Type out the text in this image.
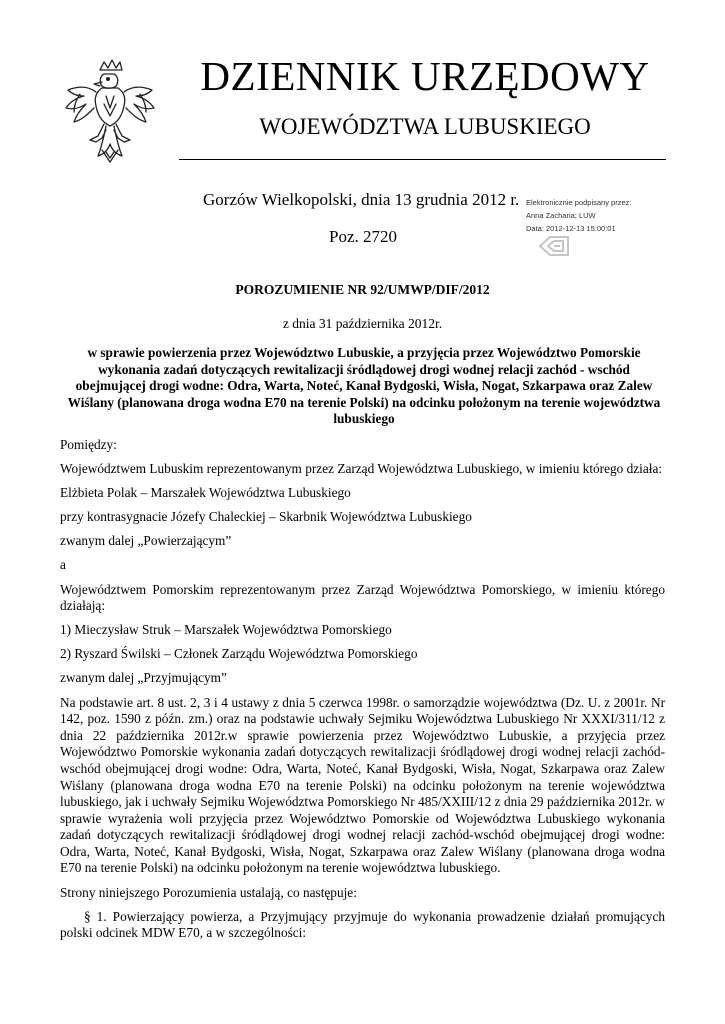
DZIENNIK URZĘDOWY
WOJEWÓDZTWA LUBUSKIEGO
Gorzów Wielkopolski, dnia 13 grudnia 2012 r.
Poz. 2720
Elektronicznie podpisany przez:
Anna Zacharia; LUW
Data: 2012-12-13 15:00:01
POROZUMIENIE NR 92/UMWP/DIF/2012
z dnia 31 października 2012r.
w sprawie powierzenia przez Województwo Lubuskie, a przyjęcia przez Województwo Pomorskie wykonania zadań dotyczących rewitalizacji śródlądowej drogi wodnej relacji zachód - wschód obejmującej drogi wodne: Odra, Warta, Noteć, Kanał Bydgoski, Wisła, Nogat, Szkarpawa oraz Zalew Wiślany (planowana droga wodna E70 na terenie Polski) na odcinku położonym na terenie województwa lubuskiego

Pomiędzy:

Województwem Lubuskim reprezentowanym przez Zarząd Województwa Lubuskiego, w imieniu którego działa:

Elżbieta Polak – Marszałek Województwa Lubuskiego

przy kontrasygnacie Józefy Chaleckiej – Skarbnik Województwa Lubuskiego

zwanym dalej „Powierzającym”

a

Województwem Pomorskim reprezentowanym przez Zarząd Województwa Pomorskiego, w imieniu którego działają:

1) Mieczysław Struk – Marszałek Województwa Pomorskiego

2) Ryszard Świlski – Członek Zarządu Województwa Pomorskiego

zwanym dalej „Przyjmującym”

Na podstawie art. 8 ust. 2, 3 i 4 ustawy z dnia 5 czerwca 1998r. o samorządzie województwa (Dz. U. z 2001r. Nr 142, poz. 1590 z późn. zm.) oraz na podstawie uchwały Sejmiku Województwa Lubuskiego Nr XXXI/311/12 z dnia 22 października 2012r.w sprawie powierzenia przez Województwo Lubuskie, a przyjęcia przez Województwo Pomorskie wykonania zadań dotyczących rewitalizacji śródlądowej drogi wodnej relacji zachód-wschód obejmującej drogi wodne: Odra, Warta, Noteć, Kanał Bydgoski, Wisła, Nogat, Szkarpawa oraz Zalew Wiślany (planowana droga wodna E70 na terenie Polski) na odcinku położonym na terenie województwa lubuskiego, jak i uchwały Sejmiku Województwa Pomorskiego Nr 485/XXIII/12 z dnia 29 października 2012r. w sprawie wyrażenia woli przyjęcia przez Województwo Pomorskie od Województwa Lubuskiego wykonania zadań dotyczących rewitalizacji śródlądowej drogi wodnej relacji zachód-wschód obejmującej drogi wodne: Odra, Warta, Noteć, Kanał Bydgoski, Wisła, Nogat, Szkarpawa oraz Zalew Wiślany (planowana droga wodna E70 na terenie Polski) na odcinku położonym na terenie województwa lubuskiego.

Strony niniejszego Porozumienia ustalają, co następuje:

§ 1. Powierzający powierza, a Przyjmujący przyjmuje do wykonania prowadzenie działań promujących polski odcinek MDW E70, a w szczególności:
